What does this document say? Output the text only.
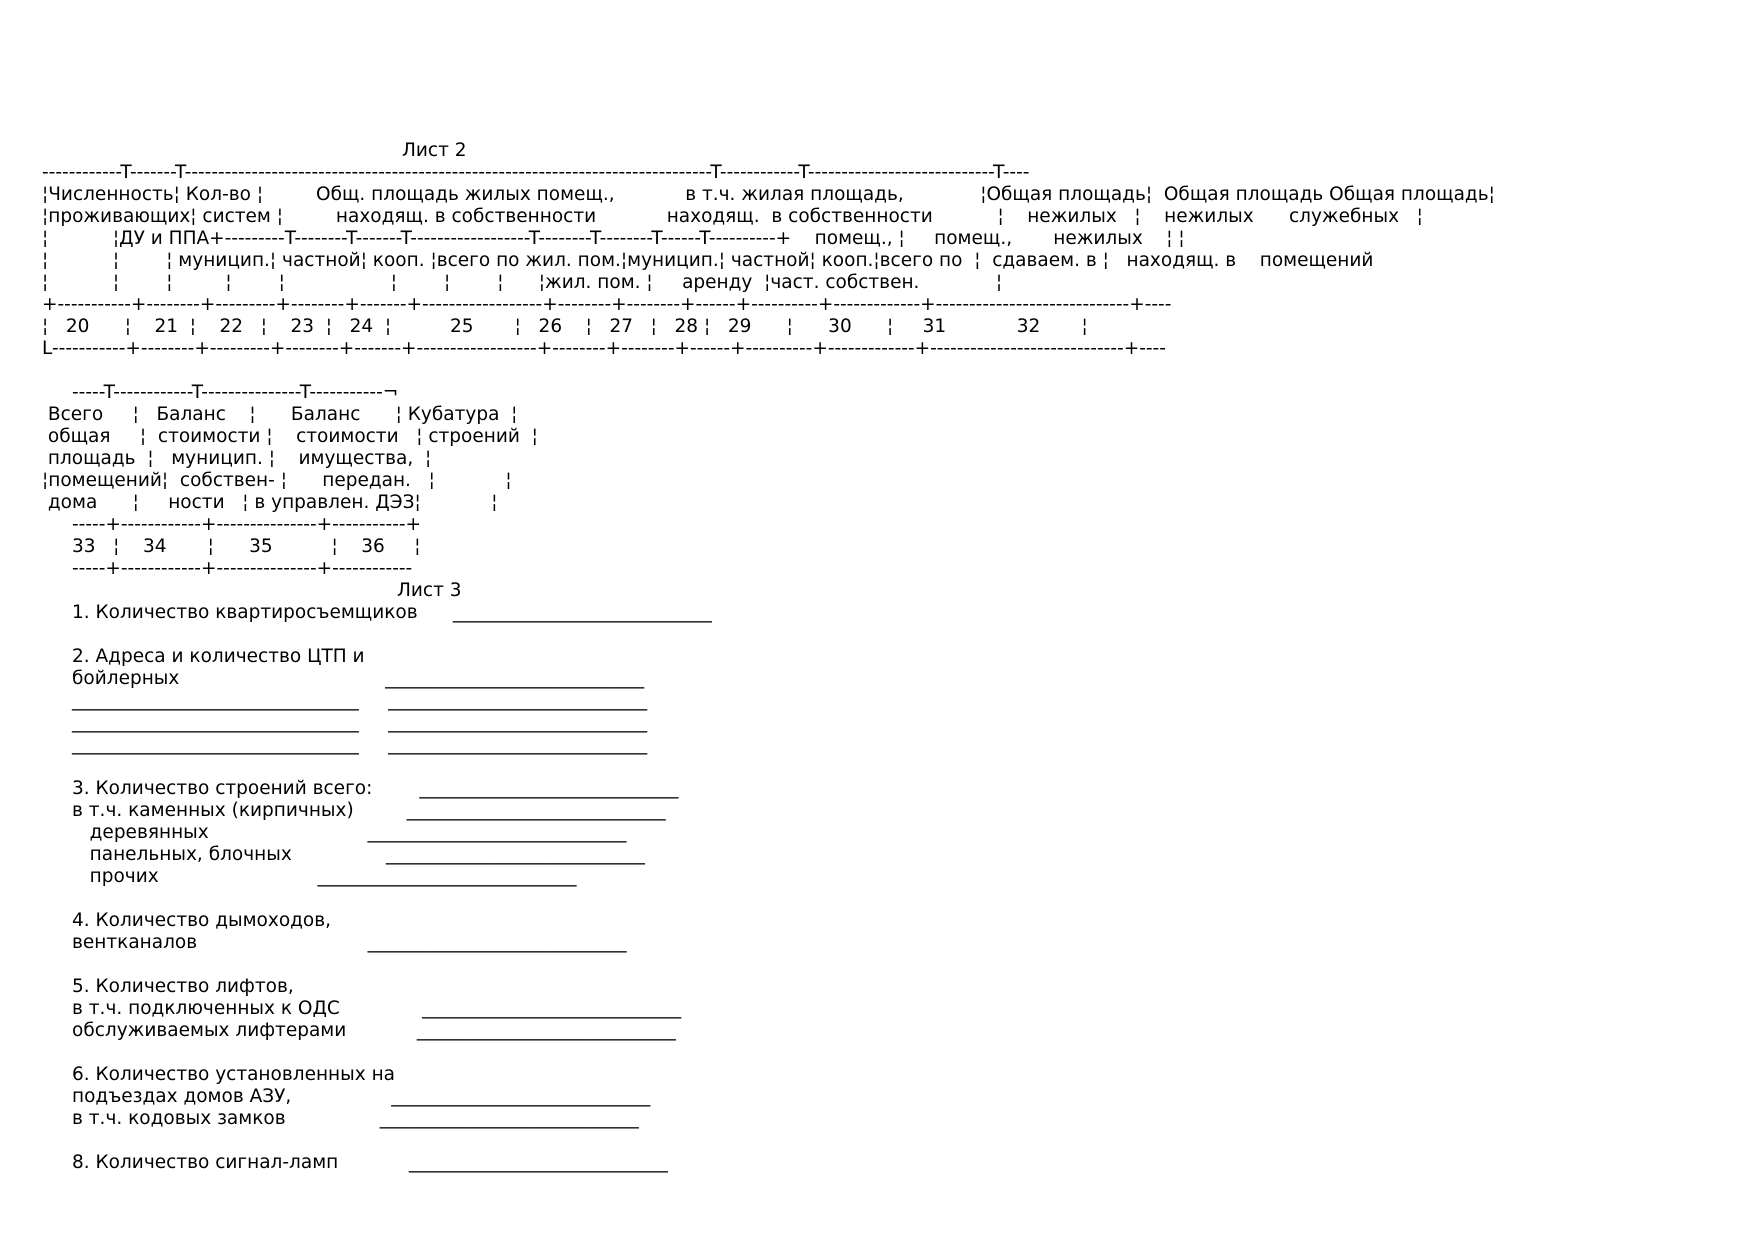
Лист 2
------------T-------T-------------------------------------------------------------------------------T------------T----------------------------T----
¦Численность¦ Кол-во ¦         Общ. площадь жилых помещ.,            в т.ч. жилая площадь,             ¦Общая площадь¦  Общая площадь Общая площадь¦
¦проживающих¦ систем ¦         находящ. в собственности            находящ.  в собственности           ¦    нежилых   ¦    нежилых      служебных   ¦
¦           ¦ДУ и ППА+---------T--------T-------T------------------T--------T--------T------T----------+    помещ., ¦     помещ.,       нежилых    ¦ ¦
¦           ¦        ¦ муницип.¦ частной¦ кооп. ¦всего по жил. пом.¦муницип.¦ частной¦ кооп.¦всего по  ¦  сдаваем. в ¦   находящ. в    помещений
¦           ¦        ¦         ¦        ¦                  ¦        ¦        ¦      ¦жил. пом. ¦     аренду  ¦част. собствен.             ¦
+-----------+--------+---------+--------+-------+------------------+--------+--------+------+----------+-------------+-----------------------------+----
¦   20      ¦    21  ¦    22   ¦    23  ¦   24  ¦          25       ¦   26    ¦   27   ¦   28 ¦   29      ¦      30      ¦     31            32       ¦
L-----------+--------+---------+--------+-------+------------------+--------+--------+------+----------+-------------+-----------------------------+----
-----T------------T---------------T-----------¬
Всего     ¦   Баланс    ¦      Баланс      ¦ Кубатура  ¦
общая     ¦  стоимости ¦    стоимости   ¦ строений  ¦
площадь  ¦   муницип. ¦    имущества,  ¦
¦помещений¦  собствен- ¦      передан.   ¦            ¦
дома      ¦     ности   ¦ в управлен. ДЭЗ¦            ¦
-----+------------+---------------+-----------+
33   ¦    34       ¦      35          ¦    36     ¦
-----+------------+---------------+------------
Лист 3
1. Количество квартиросъемщиков      ____________________________
2. Адреса и количество ЦТП и
бойлерных                                   ____________________________
_______________________________     ____________________________
_______________________________     ____________________________
_______________________________     ____________________________
3. Количество строений всего:        ____________________________
в т.ч. каменных (кирпичных)         ____________________________
деревянных                           ____________________________
панельных, блочных                ____________________________
прочих                           ____________________________
4. Количество дымоходов,
вентканалов                             ____________________________
5. Количество лифтов,
в т.ч. подключенных к ОДС              ____________________________
обслуживаемых лифтерами            ____________________________
6. Количество установленных на
подъездах домов АЗУ,                 ____________________________
в т.ч. кодовых замков                ____________________________
8. Количество сигнал-ламп            ____________________________
